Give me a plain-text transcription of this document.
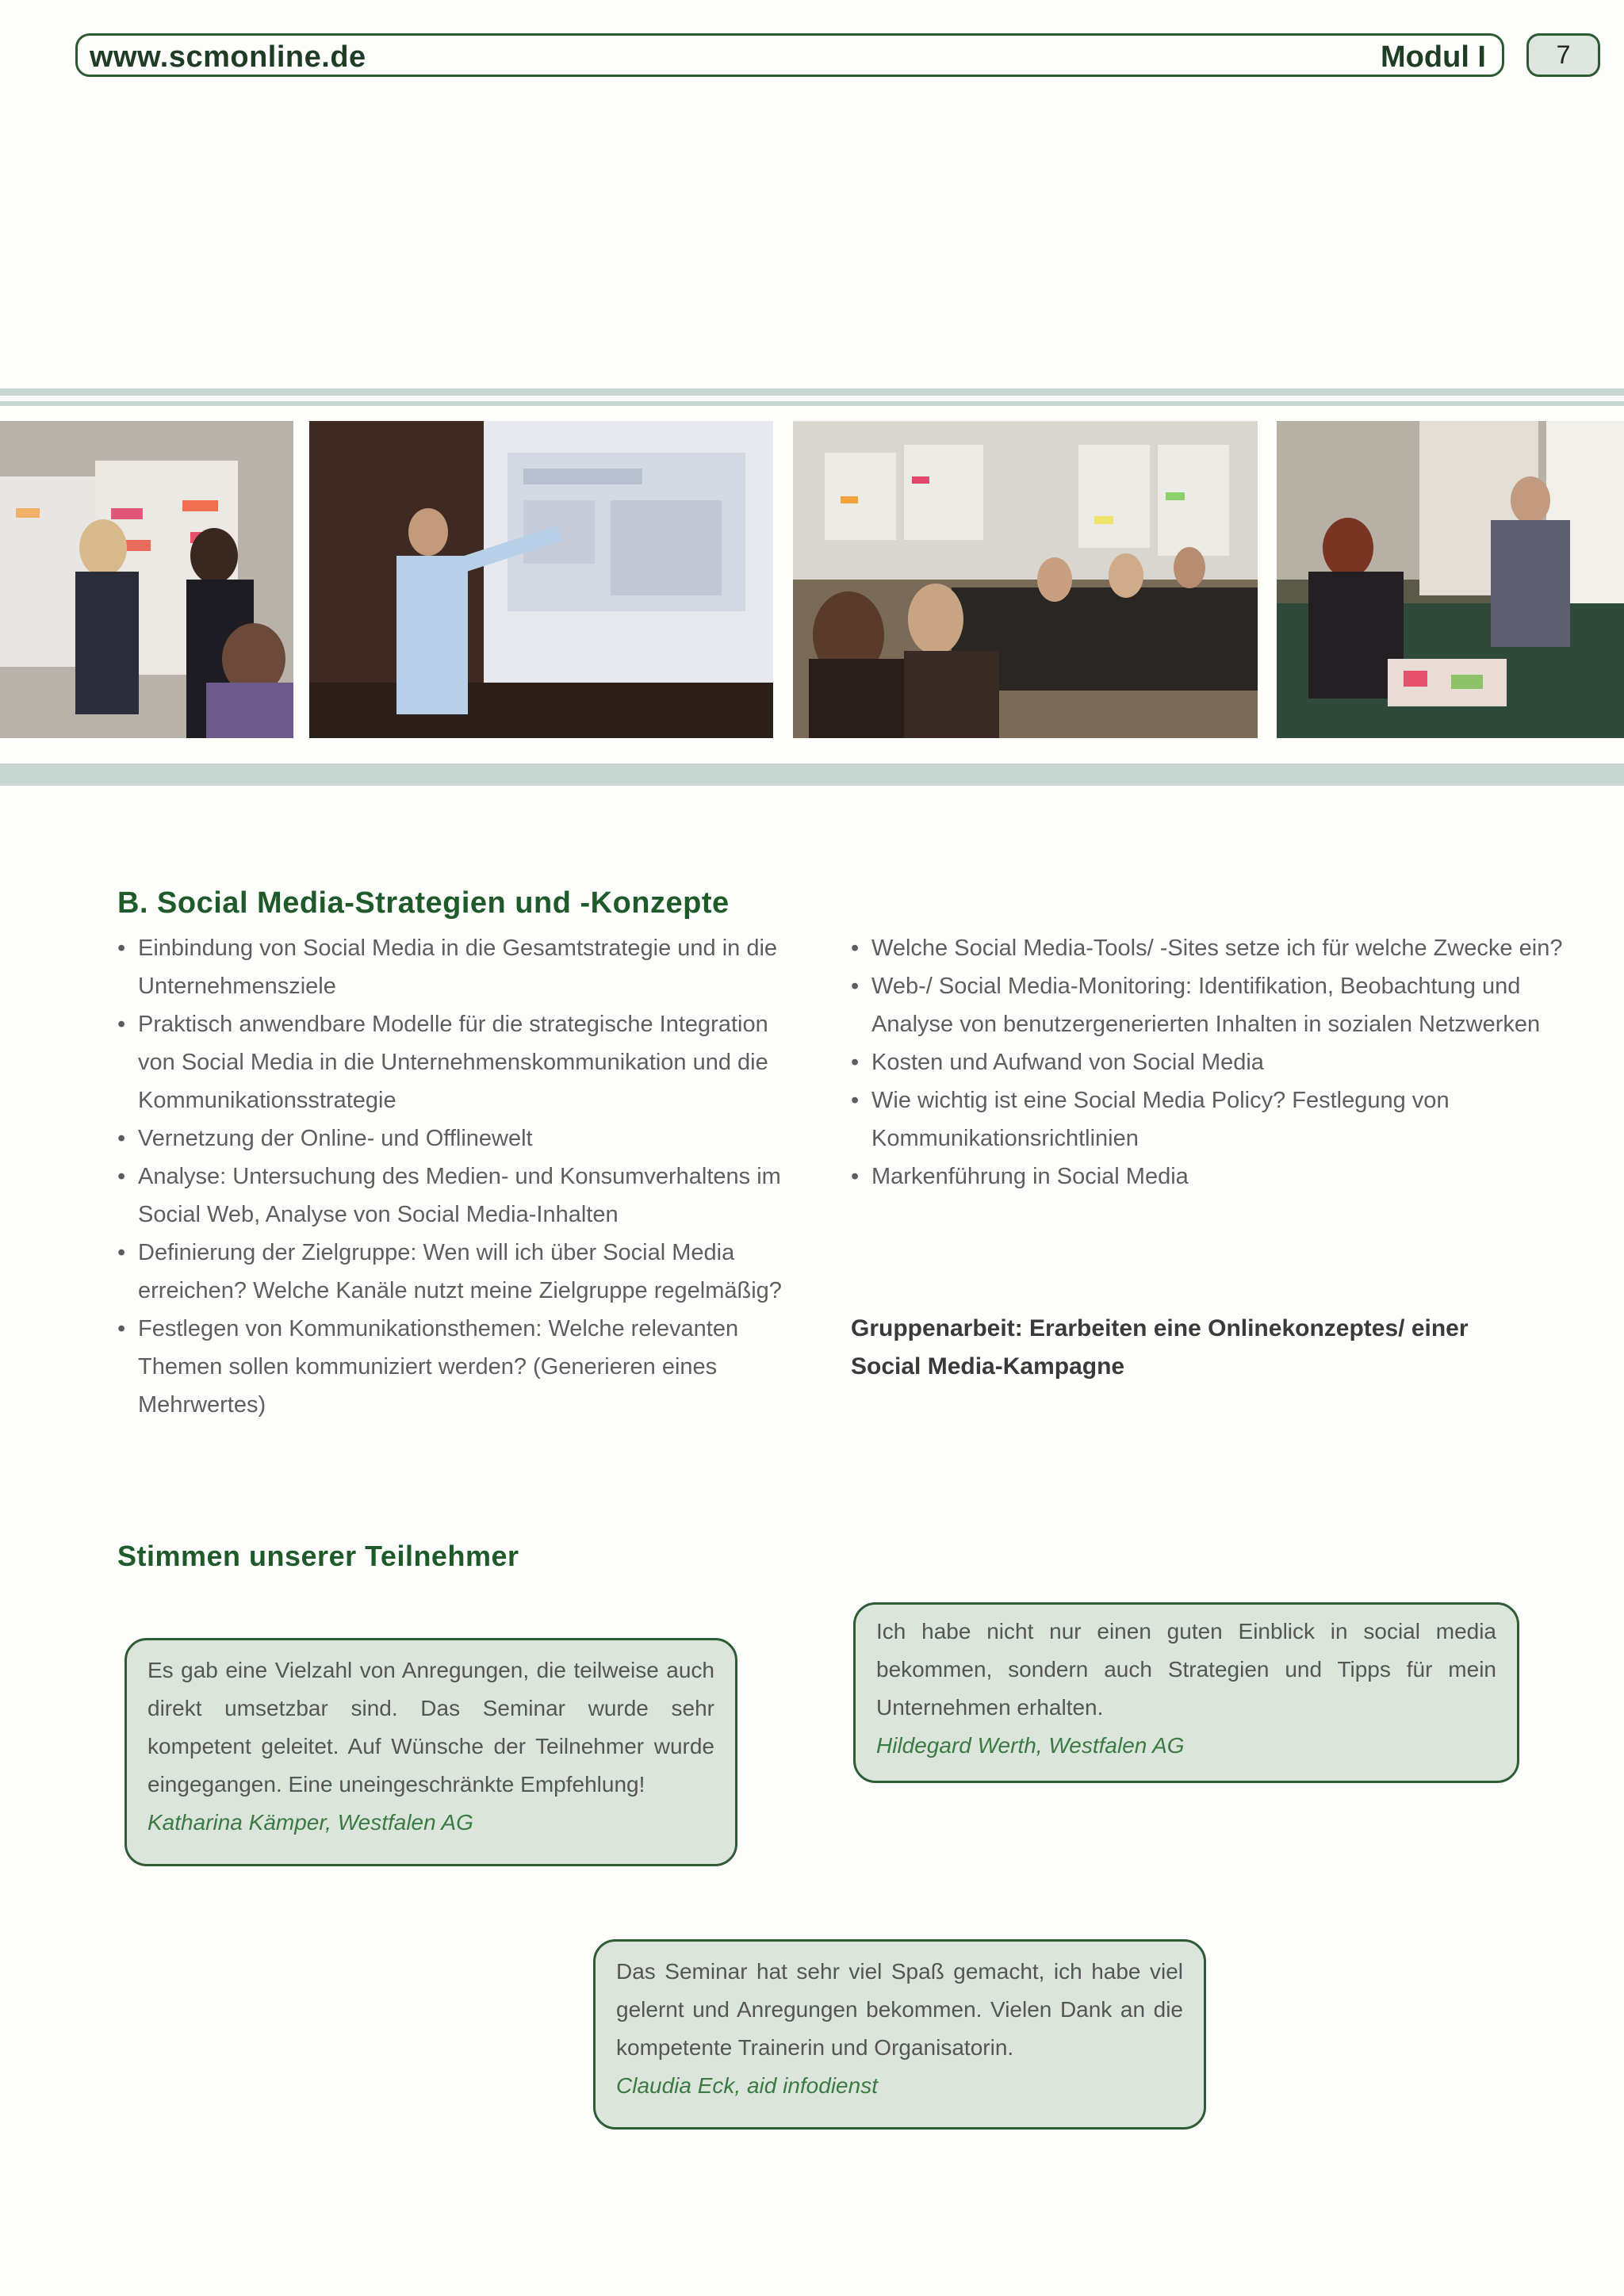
www.scmonline.de	Modul I	7
B. Social Media-Strategien und -Konzepte
• Einbindung von Social Media in die Gesamtstrategie und in die Unternehmensziele
• Praktisch anwendbare Modelle für die strategische Integration von Social Media in die Unternehmenskommunikation und die Kommunikationsstrategie
• Vernetzung der Online- und Offlinewelt
• Analyse: Untersuchung des Medien- und Konsumverhaltens im Social Web, Analyse von Social Media-Inhalten
• Definierung der Zielgruppe: Wen will ich über Social Media erreichen? Welche Kanäle nutzt meine Zielgruppe regelmäßig?
• Festlegen von Kommunikationsthemen: Welche relevanten Themen sollen kommuniziert werden? (Generieren eines Mehrwertes)
• Welche Social Media-Tools/ -Sites setze ich für welche Zwecke ein?
• Web-/ Social Media-Monitoring: Identifikation, Beobachtung und Analyse von benutzergenerierten Inhalten in sozialen Netzwerken
• Kosten und Aufwand von Social Media
• Wie wichtig ist eine Social Media Policy? Festlegung von Kommunikationsrichtlinien
• Markenführung in Social Media
Gruppenarbeit: Erarbeiten eine Onlinekonzeptes/ einer Social Media-Kampagne
Stimmen unserer Teilnehmer
Es gab eine Vielzahl von Anregungen, die teilweise auch direkt umsetzbar sind. Das Seminar wurde sehr kompetent geleitet. Auf Wünsche der Teilnehmer wurde eingegangen. Eine uneingeschränkte Empfehlung!
Katharina Kämper, Westfalen AG
Ich habe nicht nur einen guten Einblick in social media bekommen, sondern auch Strategien und Tipps für mein Unternehmen erhalten.
Hildegard Werth, Westfalen AG
Das Seminar hat sehr viel Spaß gemacht, ich habe viel gelernt und Anregungen bekommen. Vielen Dank an die kompetente Trainerin und Organisatorin.
Claudia Eck, aid infodienst
